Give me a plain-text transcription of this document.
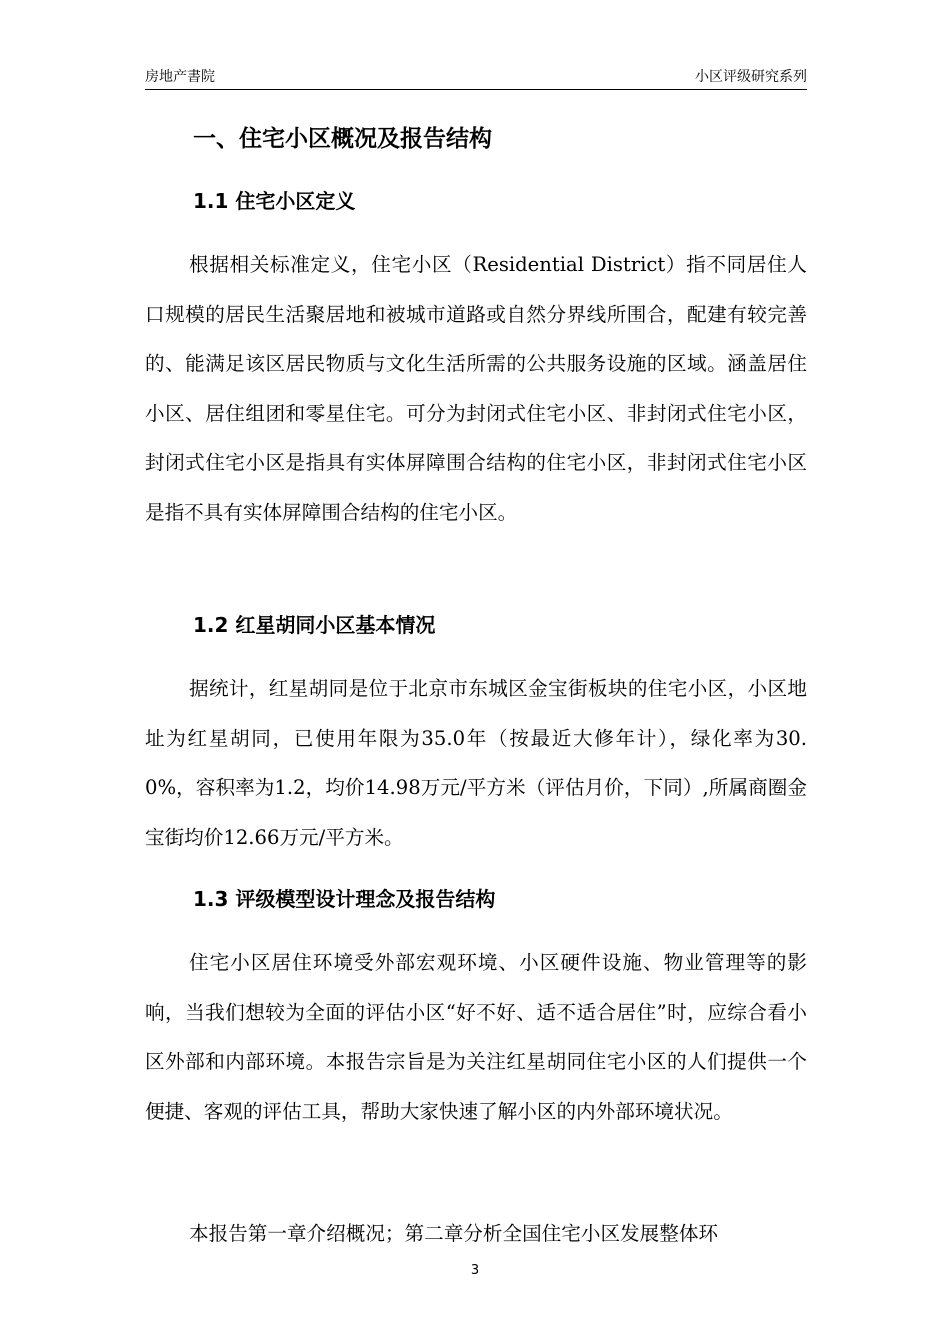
房地产書院	小区评级研究系列
一、住宅小区概况及报告结构
1.1 住宅小区定义
根据相关标准定义，住宅小区（Residential District）指不同居住人口规模的居民生活聚居地和被城市道路或自然分界线所围合，配建有较完善的、能满足该区居民物质与文化生活所需的公共服务设施的区域。涵盖居住小区、居住组团和零星住宅。可分为封闭式住宅小区、非封闭式住宅小区，封闭式住宅小区是指具有实体屏障围合结构的住宅小区，非封闭式住宅小区是指不具有实体屏障围合结构的住宅小区。
1.2 红星胡同小区基本情况
据统计，红星胡同是位于北京市东城区金宝街板块的住宅小区，小区地址为红星胡同，已使用年限为35.0年（按最近大修年计），绿化率为30.0%，容积率为1.2，均价14.98万元/平方米（评估月价，下同）,所属商圈金宝街均价12.66万元/平方米。
1.3 评级模型设计理念及报告结构
住宅小区居住环境受外部宏观环境、小区硬件设施、物业管理等的影响，当我们想较为全面的评估小区“好不好、适不适合居住”时，应综合看小区外部和内部环境。本报告宗旨是为关注红星胡同住宅小区的人们提供一个便捷、客观的评估工具，帮助大家快速了解小区的内外部环境状况。
本报告第一章介绍概况；第二章分析全国住宅小区发展整体环
3
